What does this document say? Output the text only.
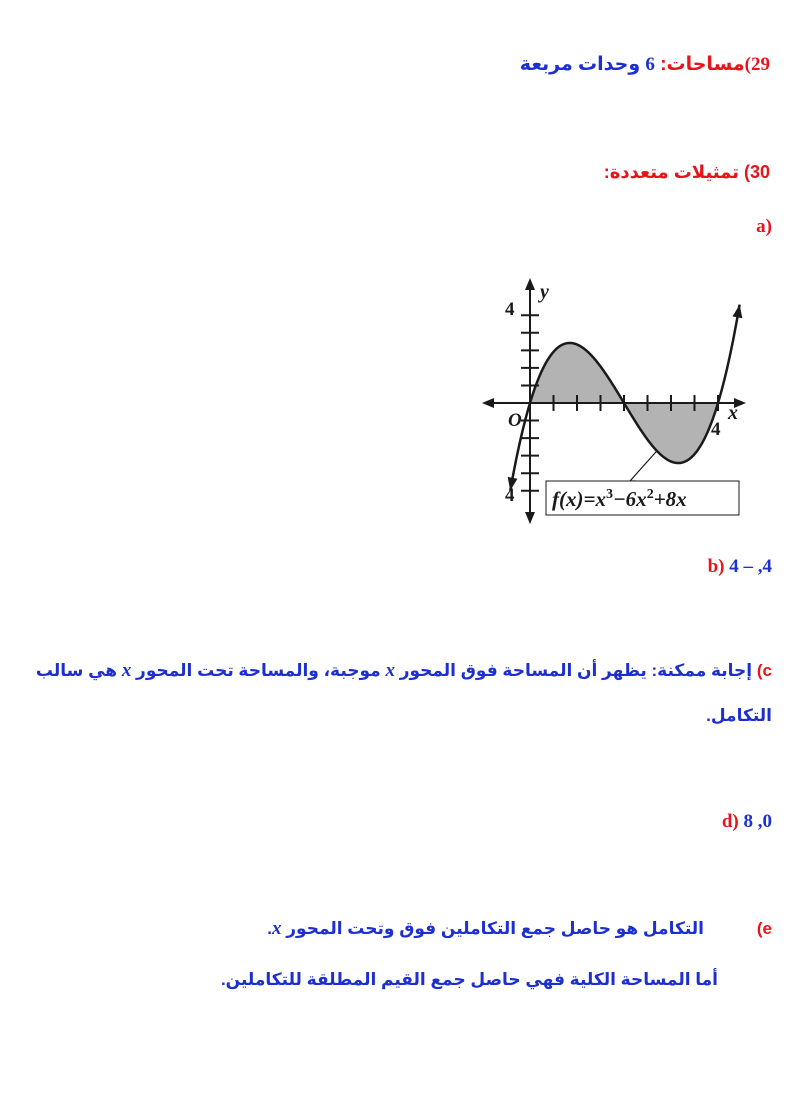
29)مساحات: 6 وحدات مربعة
30) تمثيلات متعددة:
(a
y
x
O
4
4
4
$f(x)=x^3-6x^2+8x$
4, – 4 (b
c) إجابة ممكنة: يظهر أن المساحة فوق المحور x موجبة، والمساحة تحت المحور x هي سالب
التكامل.
0, 8 (d
e)التكامل هو حاصل جمع التكاملين فوق وتحت المحور x.
أما المساحة الكلية فهي حاصل جمع القيم المطلقة للتكاملين.
